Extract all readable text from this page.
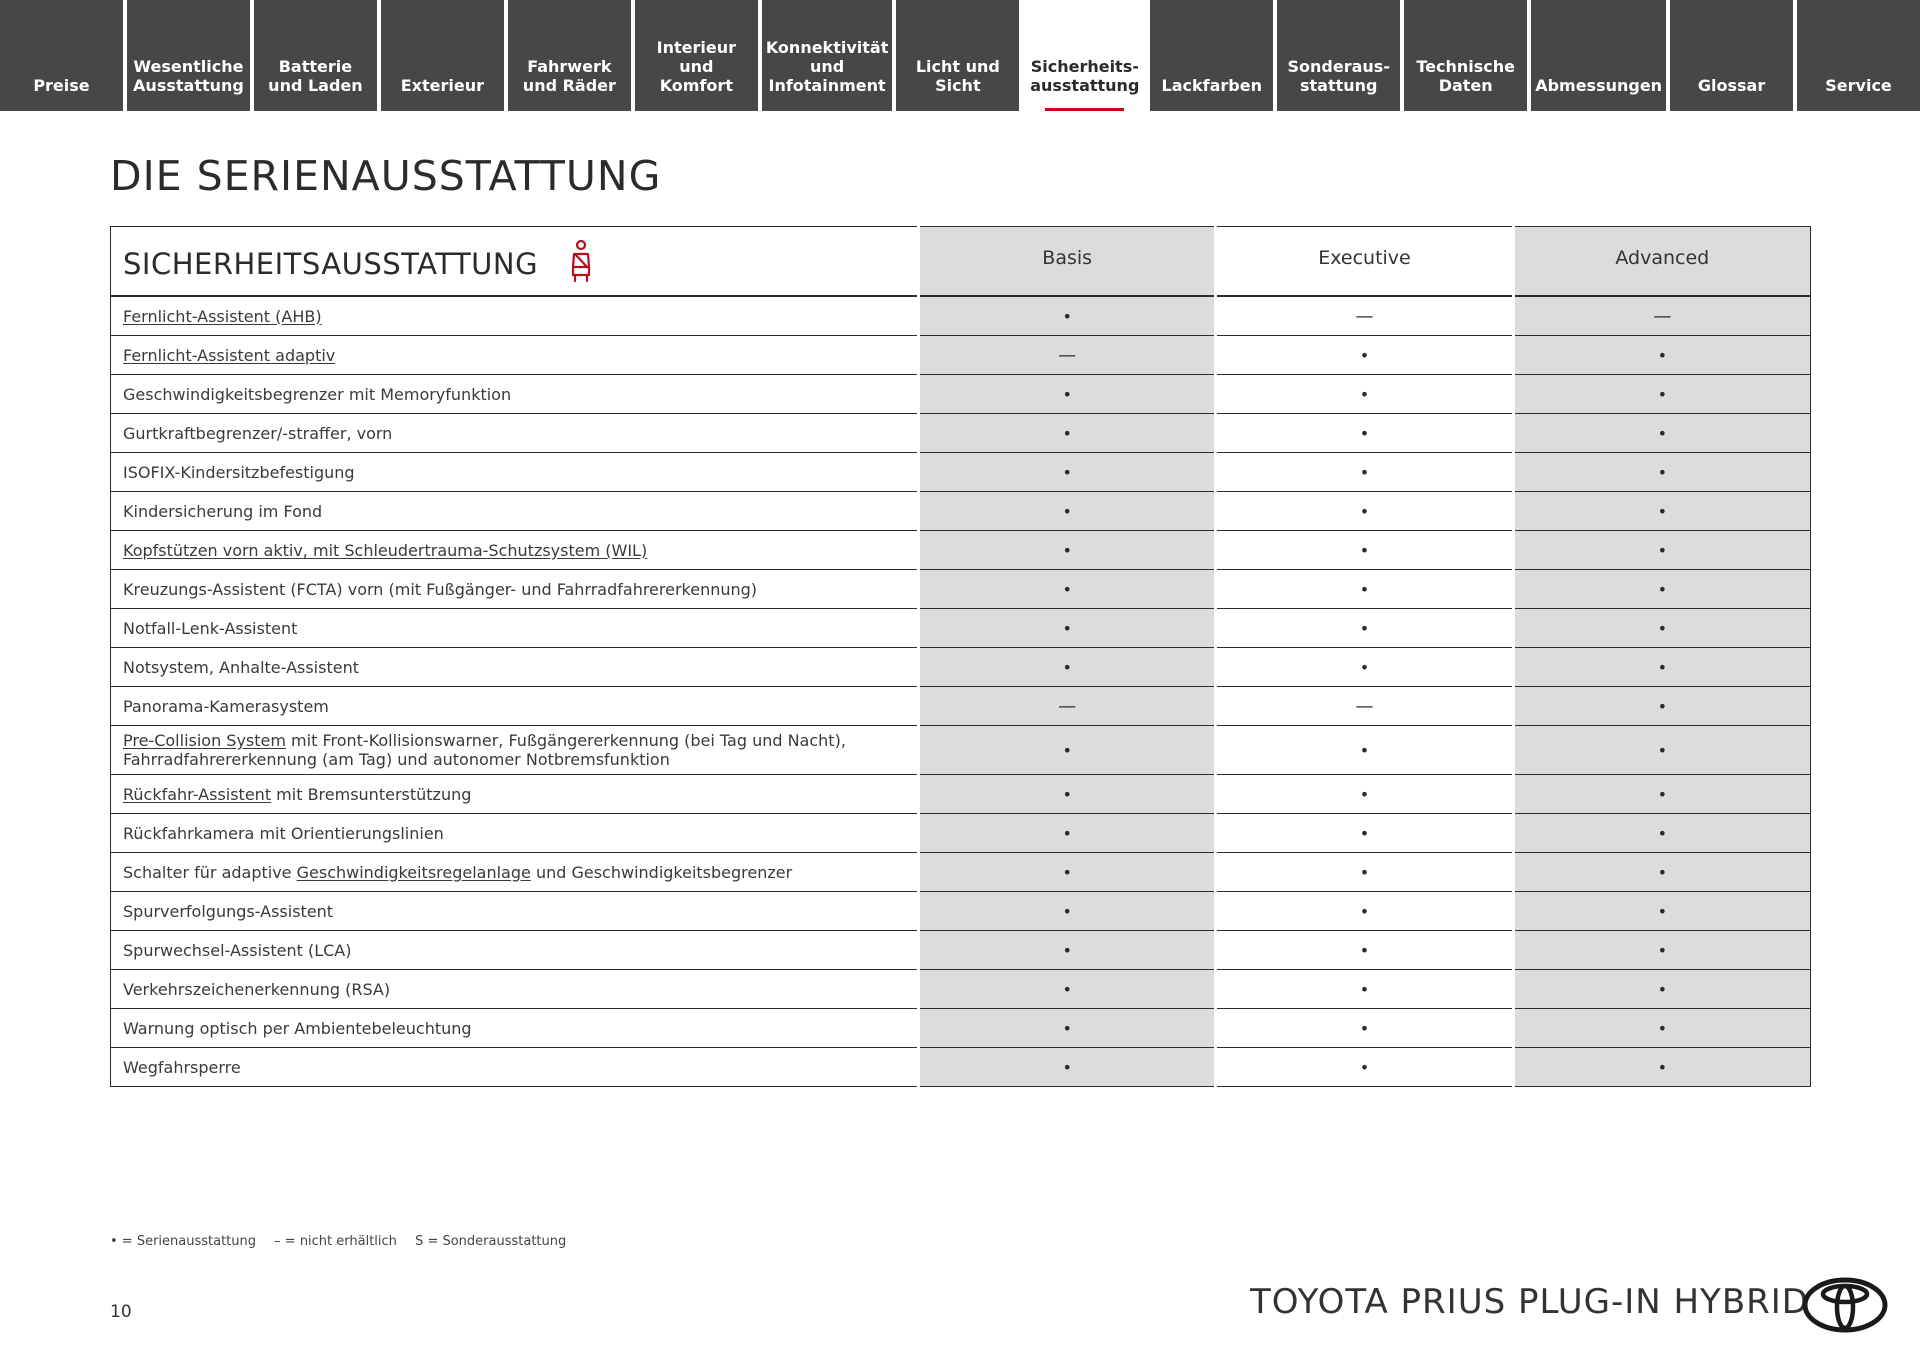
Preise
Wesentliche
Ausstattung
Batterie
und Laden	Exterieur
Fahrwerk
und Räder
Interieur und
Komfort
Konnektivität
und
Infotainment
Licht und Sicht
Sicherheits-
ausstattung	Lackfarben
Sonderaus-
stattung
Technische
Daten	Abmessungen	Glossar	Service
DIE SERIENAUSSTATTUNG
SICHERHEITSAUSSTATTUNG	Basis	Executive	Advanced
Fernlicht-Assistent (AHB)	•	—	—
Fernlicht-Assistent adaptiv	—	•	•
Geschwindigkeitsbegrenzer mit Memoryfunktion	•	•	•
Gurtkraftbegrenzer/-straffer, vorn	•	•	•
ISOFIX-Kindersitzbefestigung	•	•	•
Kindersicherung im Fond	•	•	•
Kopfstützen vorn aktiv, mit Schleudertrauma-Schutzsystem (WIL)	•	•	•
Kreuzungs-Assistent (FCTA) vorn (mit Fußgänger- und Fahrradfahrererkennung)	•	•	•
Notfall-Lenk-Assistent	•	•	•
Notsystem, Anhalte-Assistent	•	•	•
Panorama-Kamerasystem	—	—	•
Pre-Collision System mit Front-Kollisionswarner, Fußgängererkennung (bei Tag und Nacht),
Fahrradfahrererkennung (am Tag) und autonomer Notbremsfunktion	•	•	•
Rückfahr-Assistent mit Bremsunterstützung	•	•	•
Rückfahrkamera mit Orientierungslinien	•	•	•
Schalter für adaptive Geschwindigkeitsregelanlage und Geschwindigkeitsbegrenzer	•	•	•
Spurverfolgungs-Assistent	•	•	•
Spurwechsel-Assistent (LCA)	•	•	•
Verkehrszeichenerkennung (RSA)	•	•	•
Warnung optisch per Ambientebeleuchtung	•	•	•
Wegfahrsperre	•	•	•
• = Serienausstattung – = nicht erhältlich S = Sonderausstattung
10	TOYOTA PRIUS PLUG-IN HYBRID
